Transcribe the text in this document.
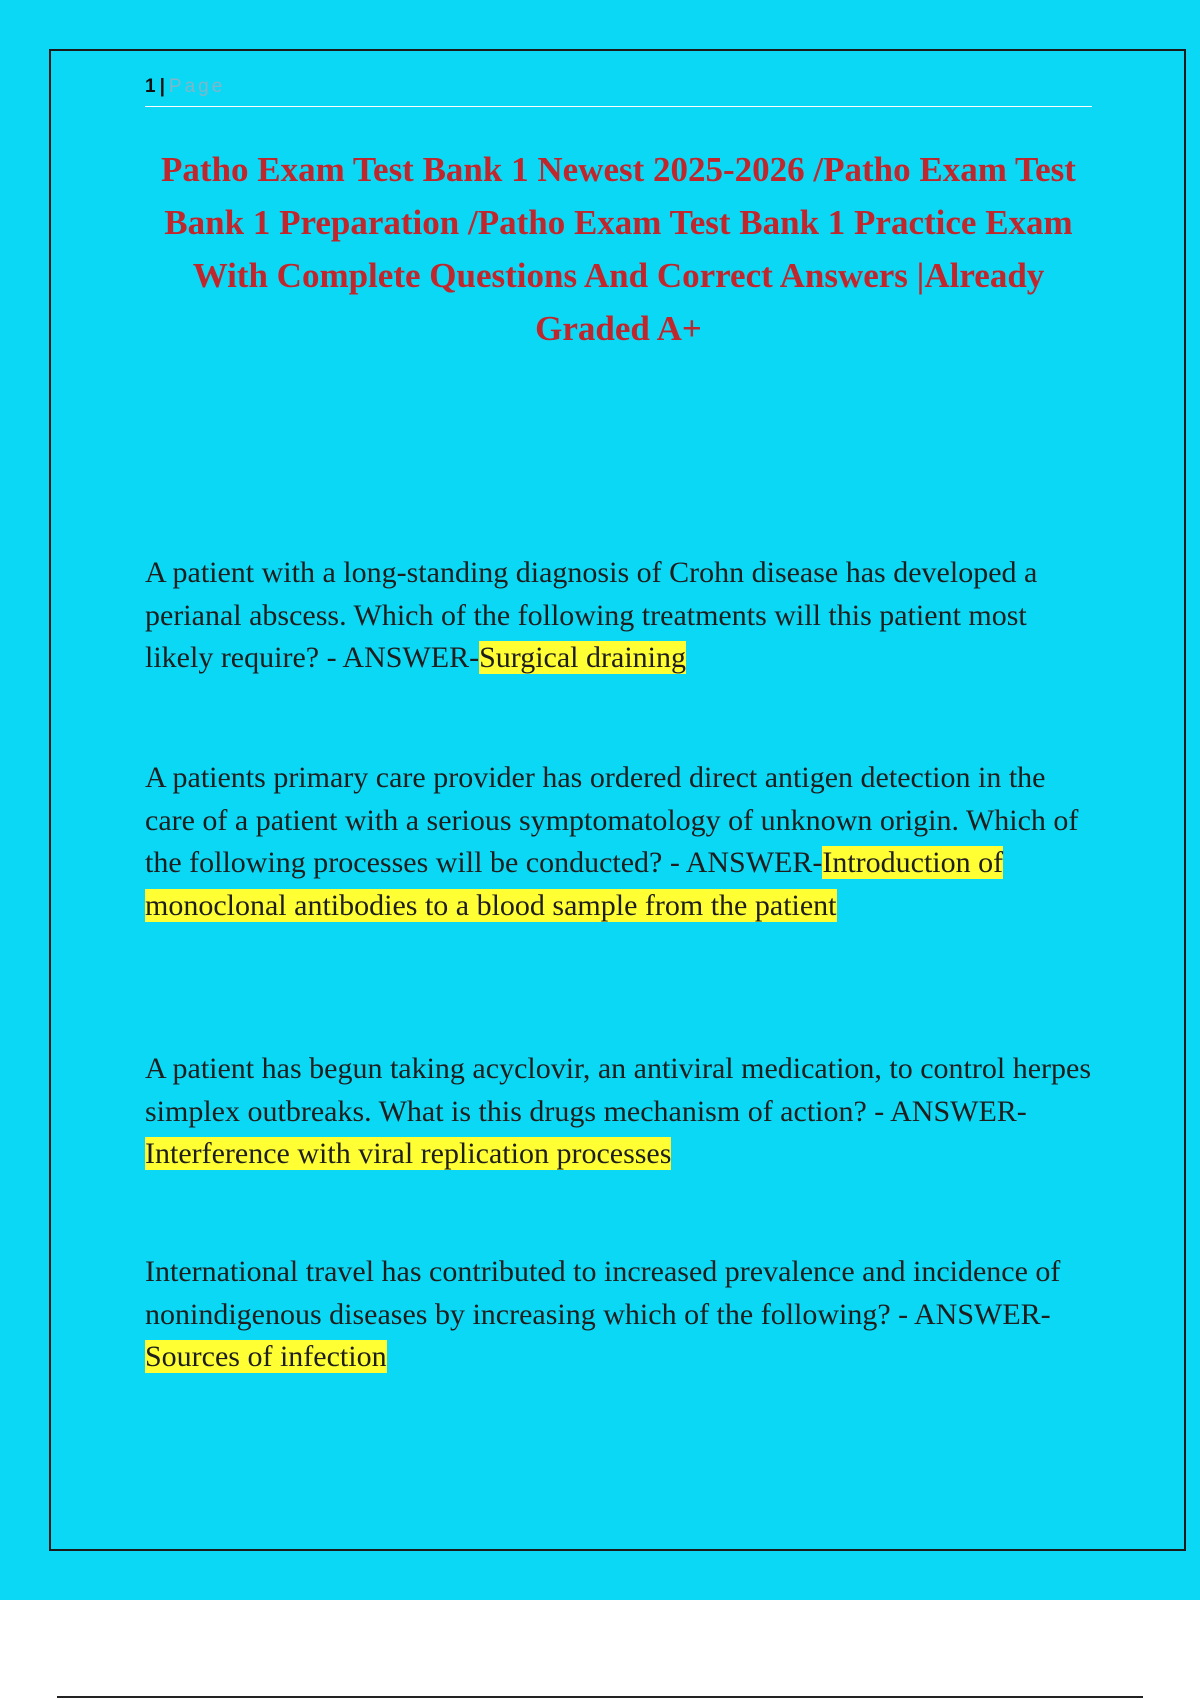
1 | Page
Patho Exam Test Bank 1 Newest 2025-2026 /Patho Exam Test Bank 1 Preparation /Patho Exam Test Bank 1 Practice Exam With Complete Questions And Correct Answers |Already Graded A+
A patient with a long-standing diagnosis of Crohn disease has developed a perianal abscess. Which of the following treatments will this patient most likely require? - ANSWER-Surgical draining
A patients primary care provider has ordered direct antigen detection in the care of a patient with a serious symptomatology of unknown origin. Which of the following processes will be conducted? - ANSWER-Introduction of monoclonal antibodies to a blood sample from the patient
A patient has begun taking acyclovir, an antiviral medication, to control herpes simplex outbreaks. What is this drugs mechanism of action? - ANSWER-Interference with viral replication processes
International travel has contributed to increased prevalence and incidence of nonindigenous diseases by increasing which of the following? - ANSWER-Sources of infection
